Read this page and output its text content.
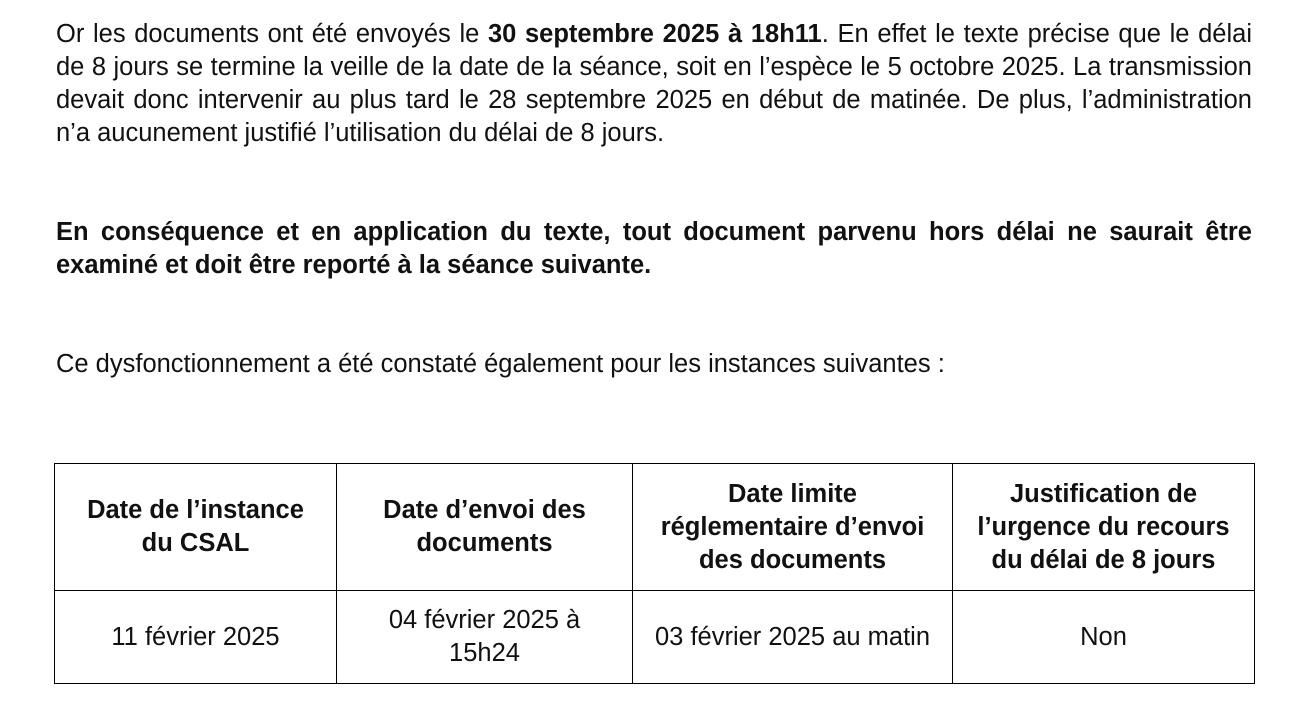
Or les documents ont été envoyés le 30 septembre 2025 à 18h11. En effet le texte précise que le délai de 8 jours se termine la veille de la date de la séance, soit en l’espèce le 5 octobre 2025. La transmission devait donc intervenir au plus tard le 28 septembre 2025 en début de matinée. De plus, l’administration n’a aucunement justifié l’utilisation du délai de 8 jours.

En conséquence et en application du texte, tout document parvenu hors délai ne saurait être examiné et doit être reporté à la séance suivante.

Ce dysfonctionnement a été constaté également pour les instances suivantes :

Date de l’instance du CSAL	Date d’envoi des documents	Date limite réglementaire d’envoi des documents	Justification de l’urgence du recours du délai de 8 jours
11 février 2025	04 février 2025 à 15h24	03 février 2025 au matin	Non
